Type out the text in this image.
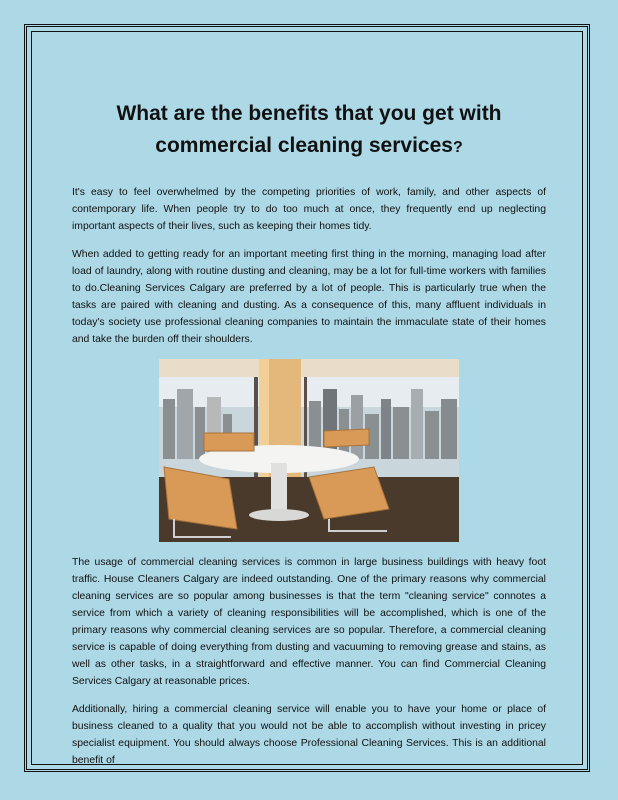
What are the benefits that you get with commercial cleaning services?

It's easy to feel overwhelmed by the competing priorities of work, family, and other aspects of contemporary life. When people try to do too much at once, they frequently end up neglecting important aspects of their lives, such as keeping their homes tidy.

When added to getting ready for an important meeting first thing in the morning, managing load after load of laundry, along with routine dusting and cleaning, may be a lot for full-time workers with families to do.Cleaning Services Calgary are preferred by a lot of people. This is particularly true when the tasks are paired with cleaning and dusting. As a consequence of this, many affluent individuals in today's society use professional cleaning companies to maintain the immaculate state of their homes and take the burden off their shoulders.

The usage of commercial cleaning services is common in large business buildings with heavy foot traffic. House Cleaners Calgary are indeed outstanding. One of the primary reasons why commercial cleaning services are so popular among businesses is that the term "cleaning service" connotes a service from which a variety of cleaning responsibilities will be accomplished, which is one of the primary reasons why commercial cleaning services are so popular. Therefore, a commercial cleaning service is capable of doing everything from dusting and vacuuming to removing grease and stains, as well as other tasks, in a straightforward and effective manner. You can find Commercial Cleaning Services Calgary at reasonable prices.

Additionally, hiring a commercial cleaning service will enable you to have your home or place of business cleaned to a quality that you would not be able to accomplish without investing in pricey specialist equipment. You should always choose Professional Cleaning Services. This is an additional benefit of
